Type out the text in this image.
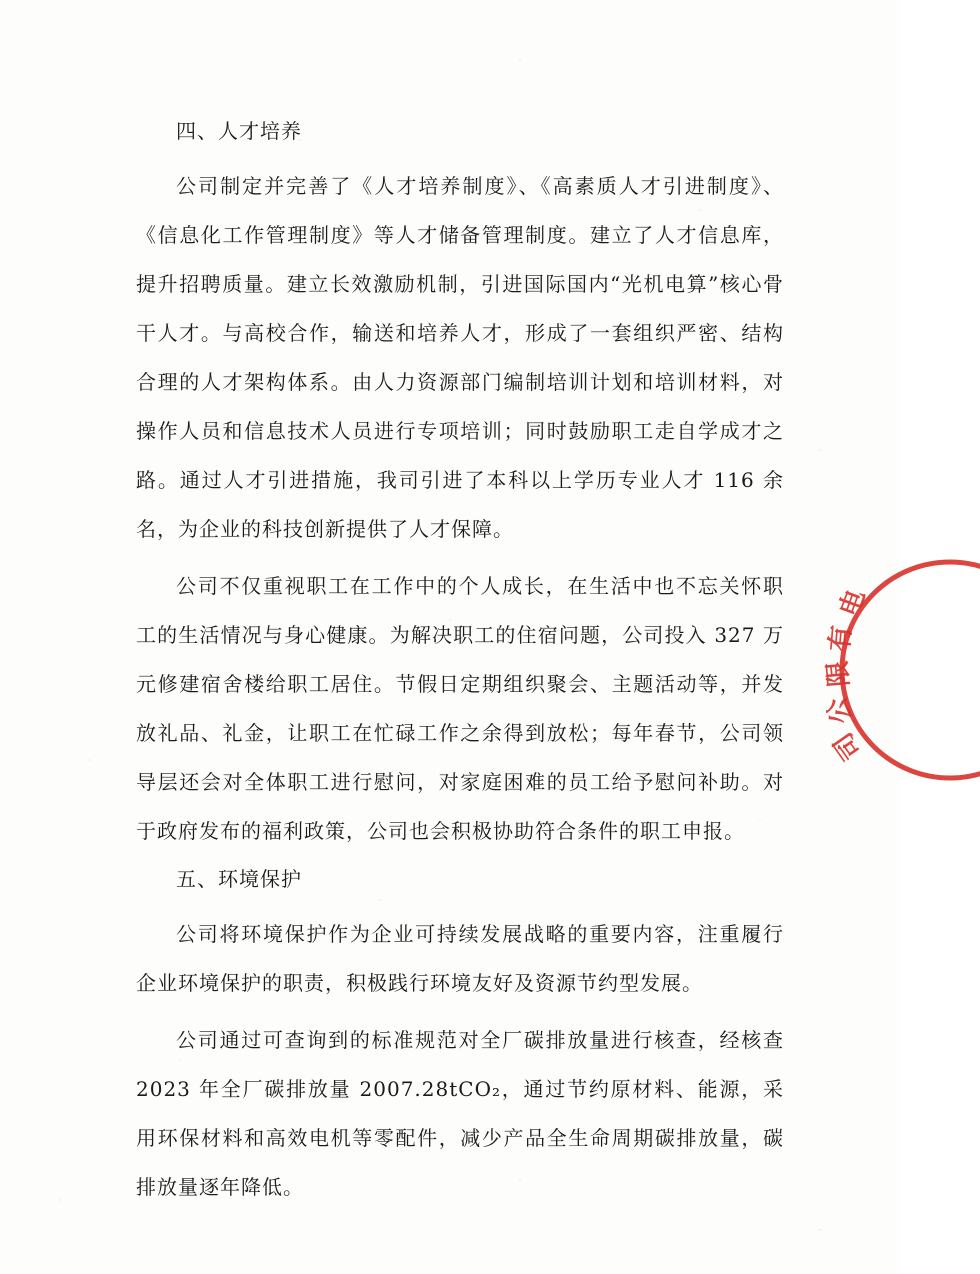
四、人才培养

公司制定并完善了《人才培养制度》、《高素质人才引进制度》、《信息化工作管理制度》等人才储备管理制度。建立了人才信息库，提升招聘质量。建立长效激励机制，引进国际国内“光机电算”核心骨干人才。与高校合作，输送和培养人才，形成了一套组织严密、结构合理的人才架构体系。由人力资源部门编制培训计划和培训材料，对操作人员和信息技术人员进行专项培训；同时鼓励职工走自学成才之路。通过人才引进措施，我司引进了本科以上学历专业人才 116 余名，为企业的科技创新提供了人才保障。

公司不仅重视职工在工作中的个人成长，在生活中也不忘关怀职工的生活情况与身心健康。为解决职工的住宿问题，公司投入 327 万元修建宿舍楼给职工居住。节假日定期组织聚会、主题活动等，并发放礼品、礼金，让职工在忙碌工作之余得到放松；每年春节，公司领导层还会对全体职工进行慰问，对家庭困难的员工给予慰问补助。对于政府发布的福利政策，公司也会积极协助符合条件的职工申报。

五、环境保护

公司将环境保护作为企业可持续发展战略的重要内容，注重履行企业环境保护的职责，积极践行环境友好及资源节约型发展。

公司通过可查询到的标准规范对全厂碳排放量进行核查，经核查 2023 年全厂碳排放量 2007.28tCO₂，通过节约原材料、能源，采用环保材料和高效电机等零配件，减少产品全生命周期碳排放量，碳排放量逐年降低。

电
有
限
公
司
